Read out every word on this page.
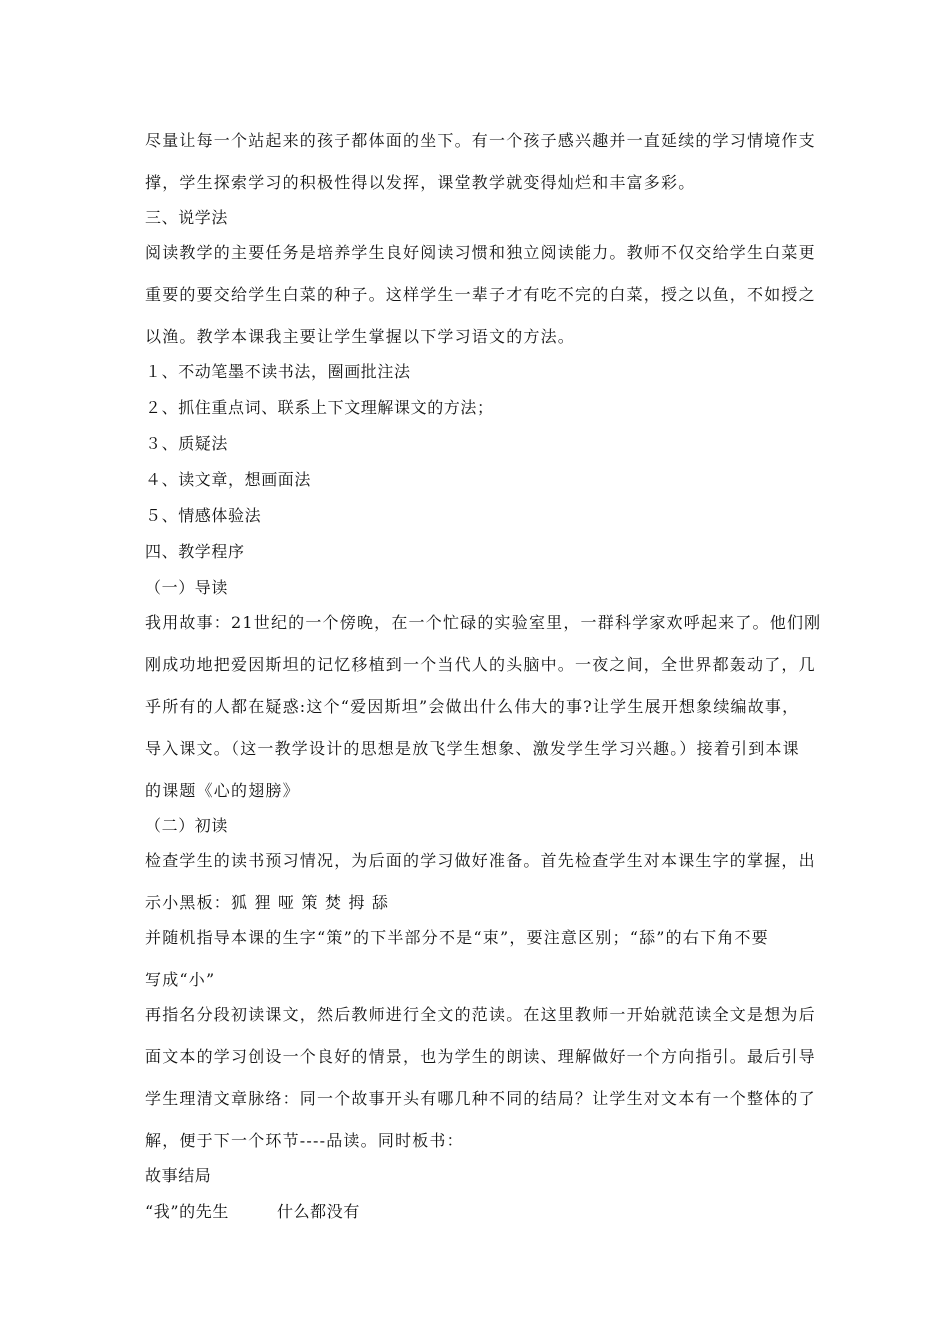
尽量让每一个站起来的孩子都体面的坐下。有一个孩子感兴趣并一直延续的学习情境作支
撑，学生探索学习的积极性得以发挥，课堂教学就变得灿烂和丰富多彩。
三、说学法
阅读教学的主要任务是培养学生良好阅读习惯和独立阅读能力。教师不仅交给学生白菜更
重要的要交给学生白菜的种子。这样学生一辈子才有吃不完的白菜，授之以鱼，不如授之
以渔。教学本课我主要让学生掌握以下学习语文的方法。
１、不动笔墨不读书法，圈画批注法
２、抓住重点词、联系上下文理解课文的方法；
３、质疑法
４、读文章，想画面法
５、情感体验法
四、教学程序
（一）导读
我用故事：21世纪的一个傍晚，在一个忙碌的实验室里，一群科学家欢呼起来了。他们刚
刚成功地把爱因斯坦的记忆移植到一个当代人的头脑中。一夜之间，全世界都轰动了，几
乎所有的人都在疑惑:这个“爱因斯坦”会做出什么伟大的事?让学生展开想象续编故事，
导入课文。（这一教学设计的思想是放飞学生想象、激发学生学习兴趣。）接着引到本课
的课题《心的翅膀》
（二）初读
检查学生的读书预习情况，为后面的学习做好准备。首先检查学生对本课生字的掌握，出
示小黑板：狐 狸 哑 策 焚 拇 舔
并随机指导本课的生字“策”的下半部分不是“束”，要注意区别；“舔”的右下角不要
写成“小”
再指名分段初读课文，然后教师进行全文的范读。在这里教师一开始就范读全文是想为后
面文本的学习创设一个良好的情景，也为学生的朗读、理解做好一个方向指引。最后引导
学生理清文章脉络：同一个故事开头有哪几种不同的结局？让学生对文本有一个整体的了
解，便于下一个环节----品读。同时板书：
故事结局
“我”的先生	什么都没有
